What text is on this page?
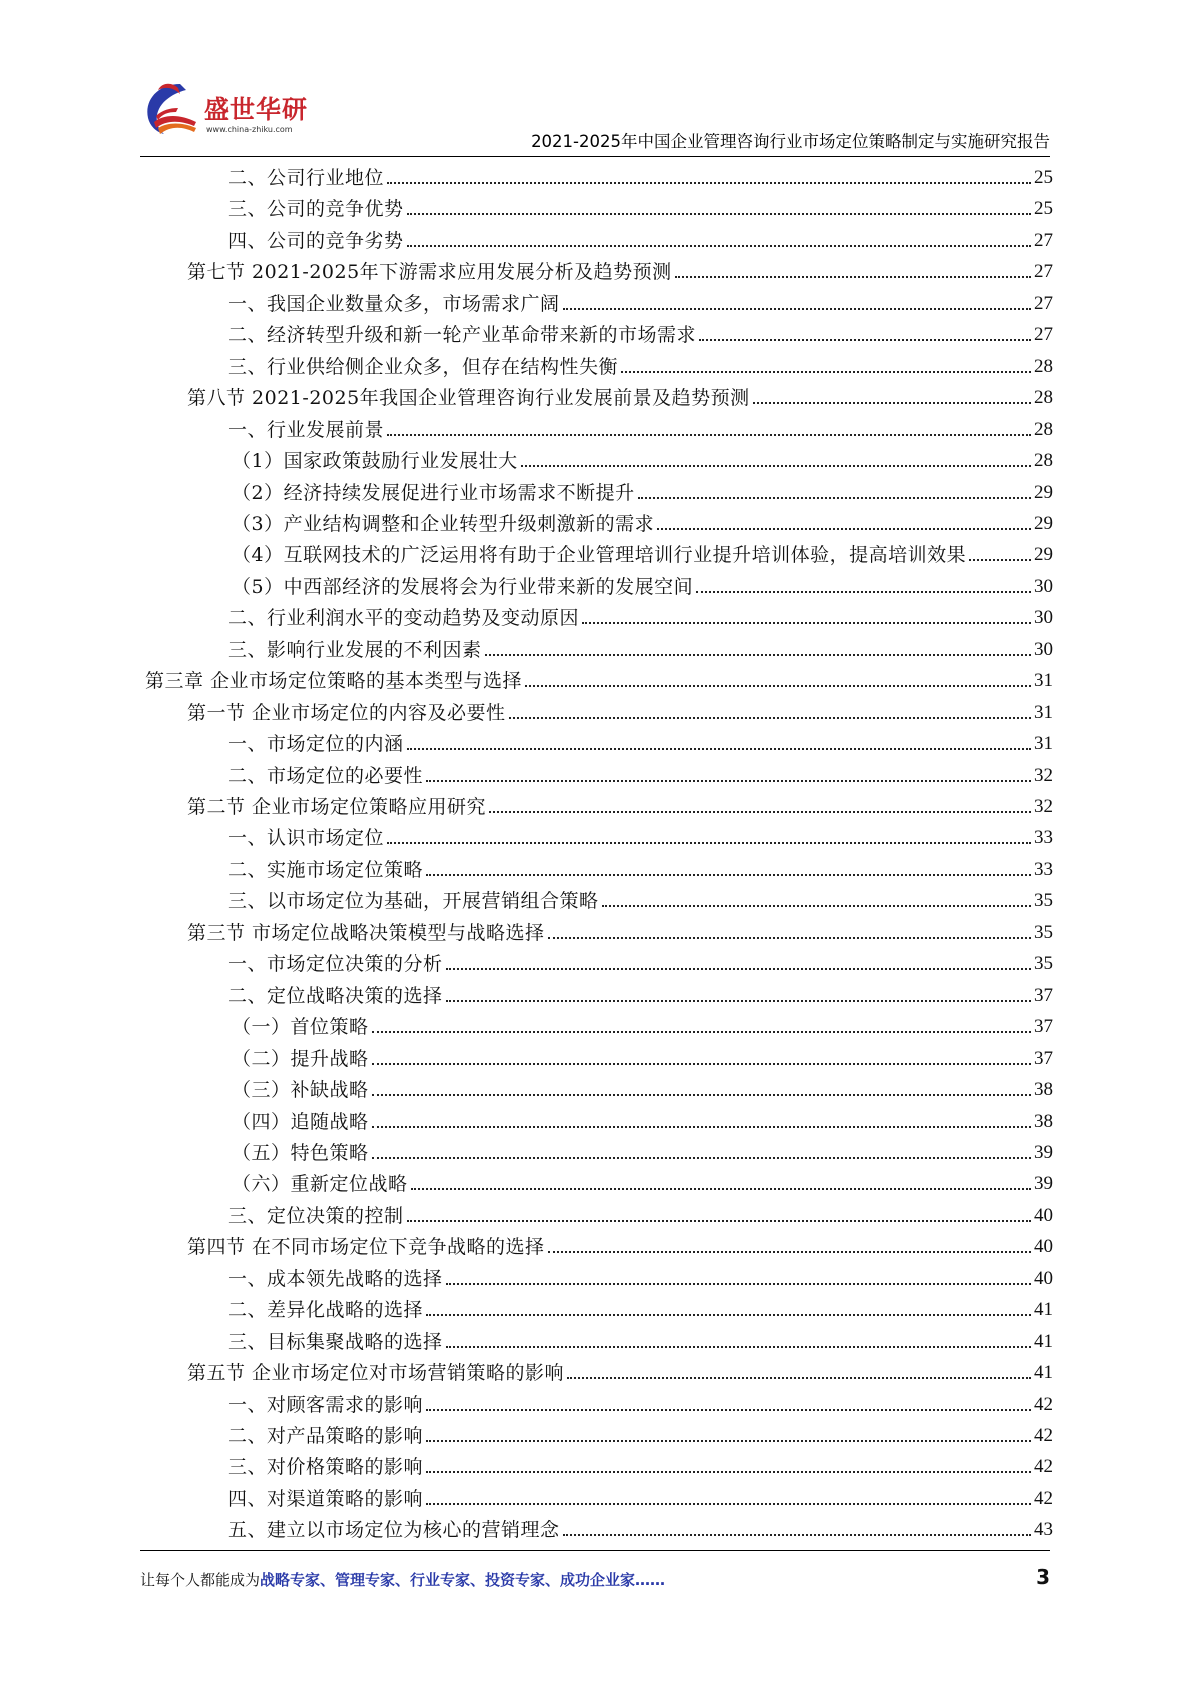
盛世华研
www.china-zhiku.com
2021-2025年中国企业管理咨询行业市场定位策略制定与实施研究报告
二、公司行业地位	25
三、公司的竞争优势	25
四、公司的竞争劣势	27
第七节 2021-2025年下游需求应用发展分析及趋势预测	27
一、我国企业数量众多，市场需求广阔	27
二、经济转型升级和新一轮产业革命带来新的市场需求	27
三、行业供给侧企业众多，但存在结构性失衡	28
第八节 2021-2025年我国企业管理咨询行业发展前景及趋势预测	28
一、行业发展前景	28
（1）国家政策鼓励行业发展壮大	28
（2）经济持续发展促进行业市场需求不断提升	29
（3）产业结构调整和企业转型升级刺激新的需求	29
（4）互联网技术的广泛运用将有助于企业管理培训行业提升培训体验，提高培训效果	29
（5）中西部经济的发展将会为行业带来新的发展空间	30
二、行业利润水平的变动趋势及变动原因	30
三、影响行业发展的不利因素	30
第三章 企业市场定位策略的基本类型与选择	31
第一节 企业市场定位的内容及必要性	31
一、市场定位的内涵	31
二、市场定位的必要性	32
第二节 企业市场定位策略应用研究	32
一、认识市场定位	33
二、实施市场定位策略	33
三、以市场定位为基础，开展营销组合策略	35
第三节 市场定位战略决策模型与战略选择	35
一、市场定位决策的分析	35
二、定位战略决策的选择	37
（一）首位策略	37
（二）提升战略	37
（三）补缺战略	38
（四）追随战略	38
（五）特色策略	39
（六）重新定位战略	39
三、定位决策的控制	40
第四节 在不同市场定位下竞争战略的选择	40
一、成本领先战略的选择	40
二、差异化战略的选择	41
三、目标集聚战略的选择	41
第五节 企业市场定位对市场营销策略的影响	41
一、对顾客需求的影响	42
二、对产品策略的影响	42
三、对价格策略的影响	42
四、对渠道策略的影响	42
五、建立以市场定位为核心的营销理念	43
让每个人都能成为战略专家、管理专家、行业专家、投资专家、成功企业家……	3
